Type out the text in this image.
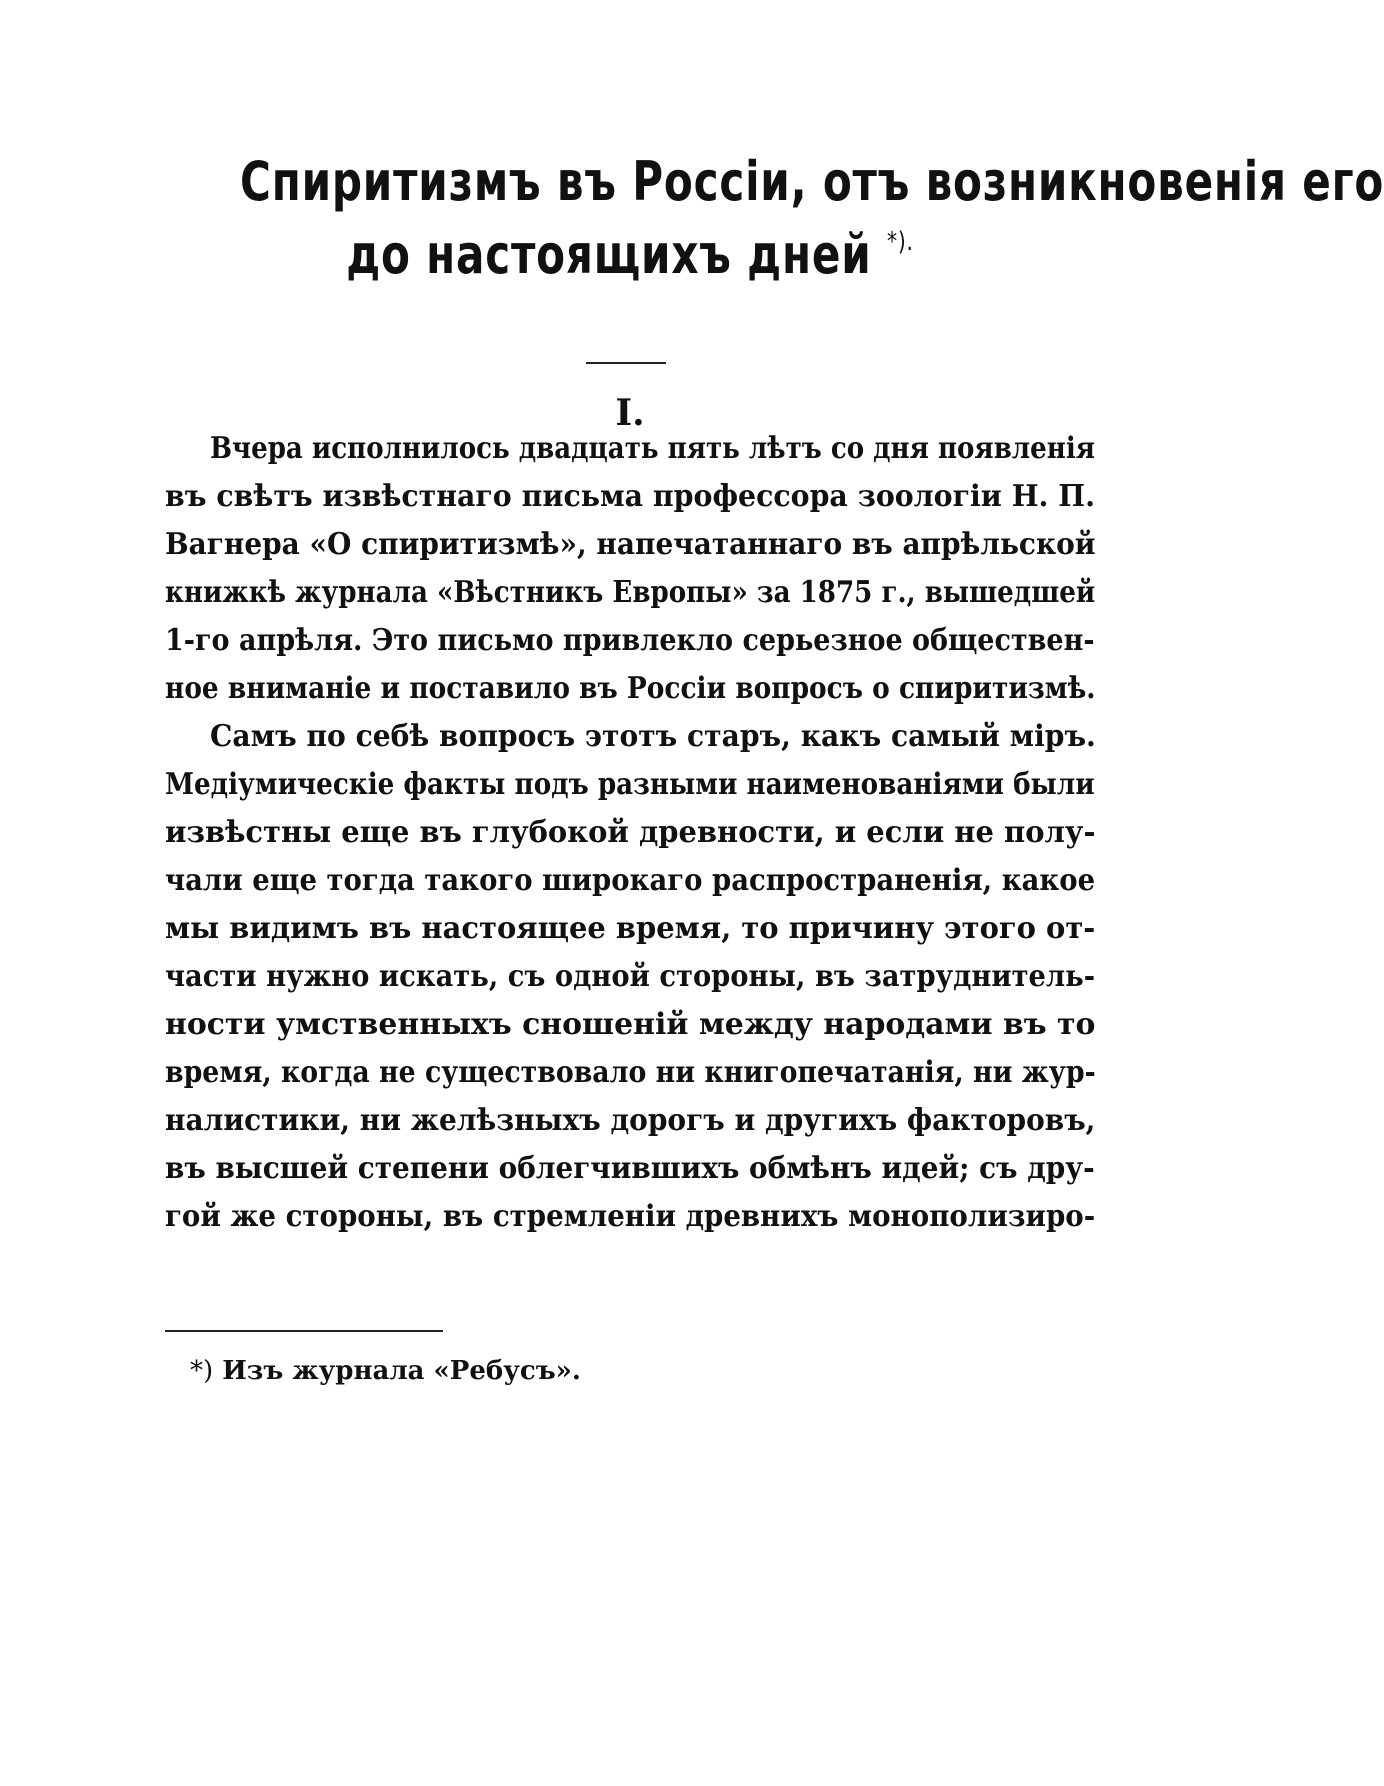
Спиритизмъ въ Россіи, отъ возникновенія его
до настоящихъ дней *).
I.
Вчера исполнилось двадцать пять лѣтъ со дня появленія
въ свѣтъ извѣстнаго письма профессора зоологіи Н. П.
Вагнера «О спиритизмѣ», напечатаннаго въ апрѣльской
книжкѣ журнала «Вѣстникъ Европы» за 1875 г., вышедшей
1-го апрѣля. Это письмо привлекло серьезное обществен-
ное вниманіе и поставило въ Россіи вопросъ о спиритизмѣ.
Самъ по себѣ вопросъ этотъ старъ, какъ самый міръ.
Медіумическіе факты подъ разными наименованіями были
извѣстны еще въ глубокой древности, и если не полу-
чали еще тогда такого широкаго распространенія, какое
мы видимъ въ настоящее время, то причину этого от-
части нужно искать, съ одной стороны, въ затруднитель-
ности умственныхъ сношеній между народами въ то
время, когда не существовало ни книгопечатанія, ни жур-
налистики, ни желѣзныхъ дорогъ и другихъ факторовъ,
въ высшей степени облегчившихъ обмѣнъ идей; съ дру-
гой же стороны, въ стремленіи древнихъ монополизиро-
*) Изъ журнала «Ребусъ».
